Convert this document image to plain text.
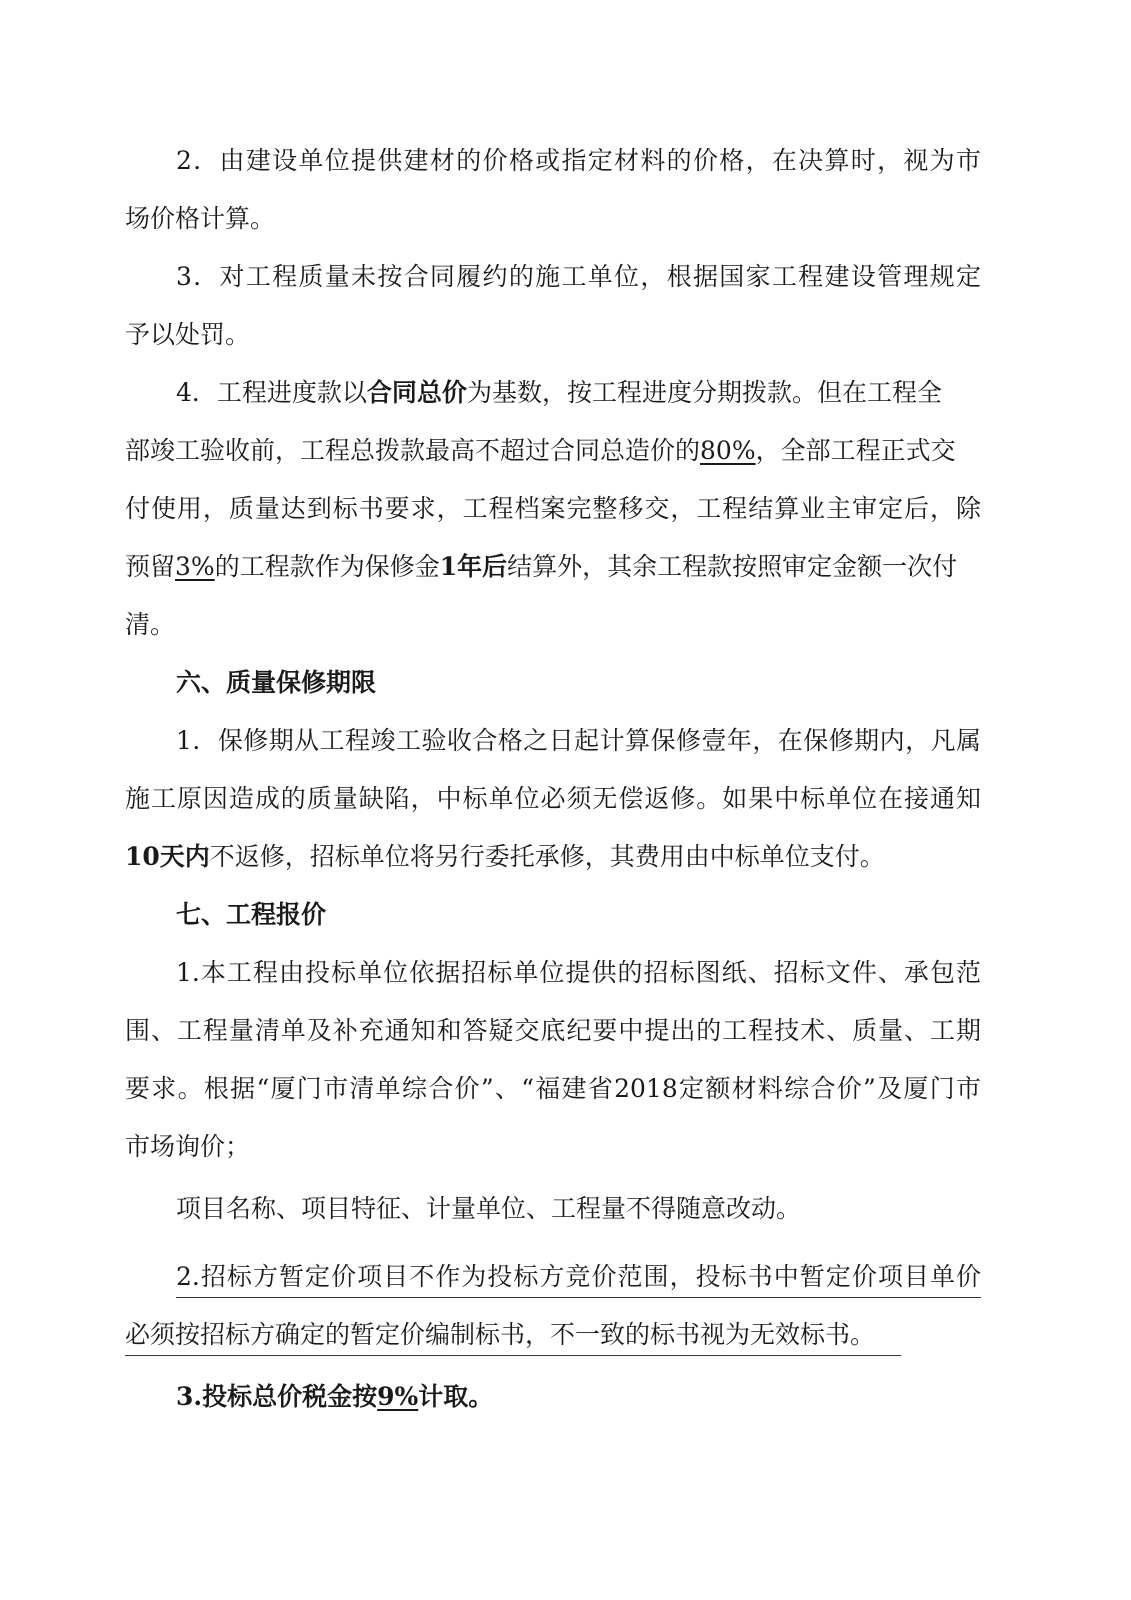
2．由建设单位提供建材的价格或指定材料的价格，在决算时，视为市
场价格计算。
3．对工程质量未按合同履约的施工单位，根据国家工程建设管理规定
予以处罚。
4．工程进度款以合同总价为基数，按工程进度分期拨款。但在工程全
部竣工验收前，工程总拨款最高不超过合同总造价的80%，全部工程正式交
付使用，质量达到标书要求，工程档案完整移交，工程结算业主审定后，除
预留3%的工程款作为保修金1年后结算外，其余工程款按照审定金额一次付
清。
六、质量保修期限
1．保修期从工程竣工验收合格之日起计算保修壹年，在保修期内，凡属
施工原因造成的质量缺陷，中标单位必须无偿返修。如果中标单位在接通知
10天内不返修，招标单位将另行委托承修，其费用由中标单位支付。
七、工程报价
1.本工程由投标单位依据招标单位提供的招标图纸、招标文件、承包范
围、工程量清单及补充通知和答疑交底纪要中提出的工程技术、质量、工期
要求。根据“厦门市清单综合价”、“福建省2018定额材料综合价”及厦门市
市场询价；
项目名称、项目特征、计量单位、工程量不得随意改动。
2.招标方暂定价项目不作为投标方竞价范围，投标书中暂定价项目单价
必须按招标方确定的暂定价编制标书，不一致的标书视为无效标书。
3.投标总价税金按9%计取。
